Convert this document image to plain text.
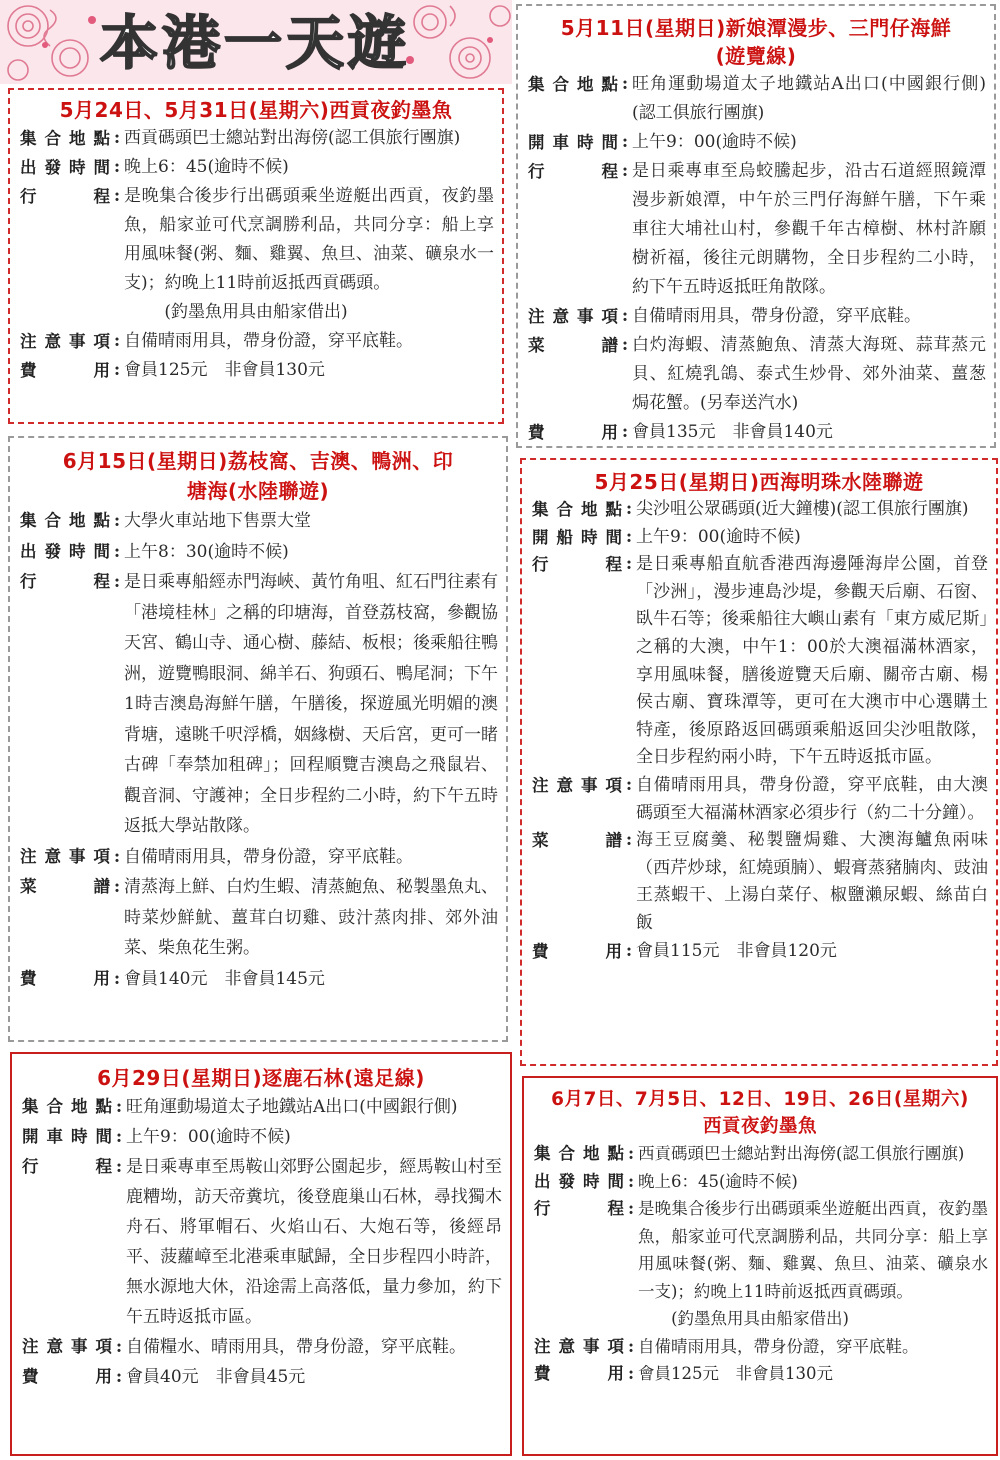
本港一天遊
5月24日、5月31日(星期六)西貢夜釣墨魚
集合地點 : 西貢碼頭巴士總站對出海傍(認工俱旅行團旗)
出發時間 : 晚上6：45(逾時不候)
行程 : 是晚集合後步行出碼頭乘坐遊艇出西貢，夜釣墨魚，船家並可代烹調勝利品，共同分享：船上享用風味餐(粥、麵、雞翼、魚旦、油菜、礦泉水一支)；約晚上11時前返抵西貢碼頭。
(釣墨魚用具由船家借出)
注意事項 : 自備晴雨用具，帶身份證，穿平底鞋。
費用 : 會員125元　非會員130元
5月11日(星期日)新娘潭漫步、三門仔海鮮(遊覽線)
集合地點 : 旺角運動場道太子地鐵站A出口(中國銀行側)(認工俱旅行團旗)
開車時間 : 上午9：00(逾時不候)
行程 : 是日乘專車至烏蛟騰起步，沿古石道經照鏡潭漫步新娘潭，中午於三門仔海鮮午膳，下午乘車往大埔社山村，參觀千年古樟樹、林村許願樹祈福，後往元朗購物，全日步程約二小時，約下午五時返抵旺角散隊。
注意事項 : 自備晴雨用具，帶身份證，穿平底鞋。
菜譜 : 白灼海蝦、清蒸鮑魚、清蒸大海斑、蒜茸蒸元貝、紅燒乳鴿、泰式生炒骨、郊外油菜、薑葱焗花蟹。(另奉送汽水)
費用 : 會員135元　非會員140元
6月15日(星期日)荔枝窩、吉澳、鴨洲、印塘海(水陸聯遊)
集合地點 : 大學火車站地下售票大堂
出發時間 : 上午8：30(逾時不候)
行程 : 是日乘專船經赤門海峽、黃竹角咀、紅石門往素有「港境桂林」之稱的印塘海，首登荔枝窩，參觀協天宮、鶴山寺、通心樹、藤結、板根；後乘船往鴨洲，遊覽鴨眼洞、綿羊石、狗頭石、鴨尾洞；下午1時吉澳島海鮮午膳，午膳後，探遊風光明媚的澳背塘，遠眺千呎浮橋，姻緣樹、天后宮，更可一睹古碑「奉禁加租碑」；回程順覽吉澳島之飛鼠岩、觀音洞、守護神；全日步程約二小時，約下午五時返抵大學站散隊。
注意事項 : 自備晴雨用具，帶身份證，穿平底鞋。
菜譜 : 清蒸海上鮮、白灼生蝦、清蒸鮑魚、秘製墨魚丸、時菜炒鮮魷、薑茸白切雞、豉汁蒸肉排、郊外油菜、柴魚花生粥。
費用 : 會員140元　非會員145元
5月25日(星期日)西海明珠水陸聯遊
集合地點 : 尖沙咀公眾碼頭(近大鐘樓)(認工俱旅行團旗)
開船時間 : 上午9：00(逾時不候)
行程 : 是日乘專船直航香港西海邊陲海岸公園，首登「沙洲」，漫步連島沙堤，參觀天后廟、石窗、臥牛石等；後乘船往大嶼山素有「東方威尼斯」之稱的大澳，中午1：00於大澳福滿林酒家，享用風味餐，膳後遊覽天后廟、關帝古廟、楊侯古廟、寶珠潭等，更可在大澳市中心選購土特產，後原路返回碼頭乘船返回尖沙咀散隊，全日步程約兩小時，下午五時返抵市區。
注意事項 : 自備晴雨用具，帶身份證，穿平底鞋，由大澳碼頭至大福滿林酒家必須步行（約二十分鐘）。
菜譜 : 海王豆腐羹、秘製鹽焗雞、大澳海鱸魚兩味（西芹炒球，紅燒頭腩）、蝦膏蒸豬腩肉、豉油王蒸蝦干、上湯白菜仔、椒鹽瀨尿蝦、絲苗白飯
費用 : 會員115元　非會員120元
6月29日(星期日)逐鹿石林(遠足線)
集合地點 : 旺角運動場道太子地鐵站A出口(中國銀行側)
開車時間 : 上午9：00(逾時不候)
行程 : 是日乘專車至馬鞍山郊野公園起步，經馬鞍山村至鹿糟坳，訪天帝糞坑，後登鹿巢山石林，尋找獨木舟石、將軍帽石、火焰山石、大炮石等，後經昂平、菠蘿嶂至北港乘車賦歸，全日步程四小時許，無水源地大休，沿途需上高落低，量力參加，約下午五時返抵市區。
注意事項 : 自備糧水、晴雨用具，帶身份證，穿平底鞋。
費用 : 會員40元　非會員45元
6月7日、7月5日、12日、19日、26日(星期六)西貢夜釣墨魚
集合地點 : 西貢碼頭巴士總站對出海傍(認工俱旅行團旗)
出發時間 : 晚上6：45(逾時不候)
行程 : 是晚集合後步行出碼頭乘坐遊艇出西貢，夜釣墨魚，船家並可代烹調勝利品，共同分享：船上享用風味餐(粥、麵、雞翼、魚旦、油菜、礦泉水一支)；約晚上11時前返抵西貢碼頭。
(釣墨魚用具由船家借出)
注意事項 : 自備晴雨用具，帶身份證，穿平底鞋。
費用 : 會員125元　非會員130元
